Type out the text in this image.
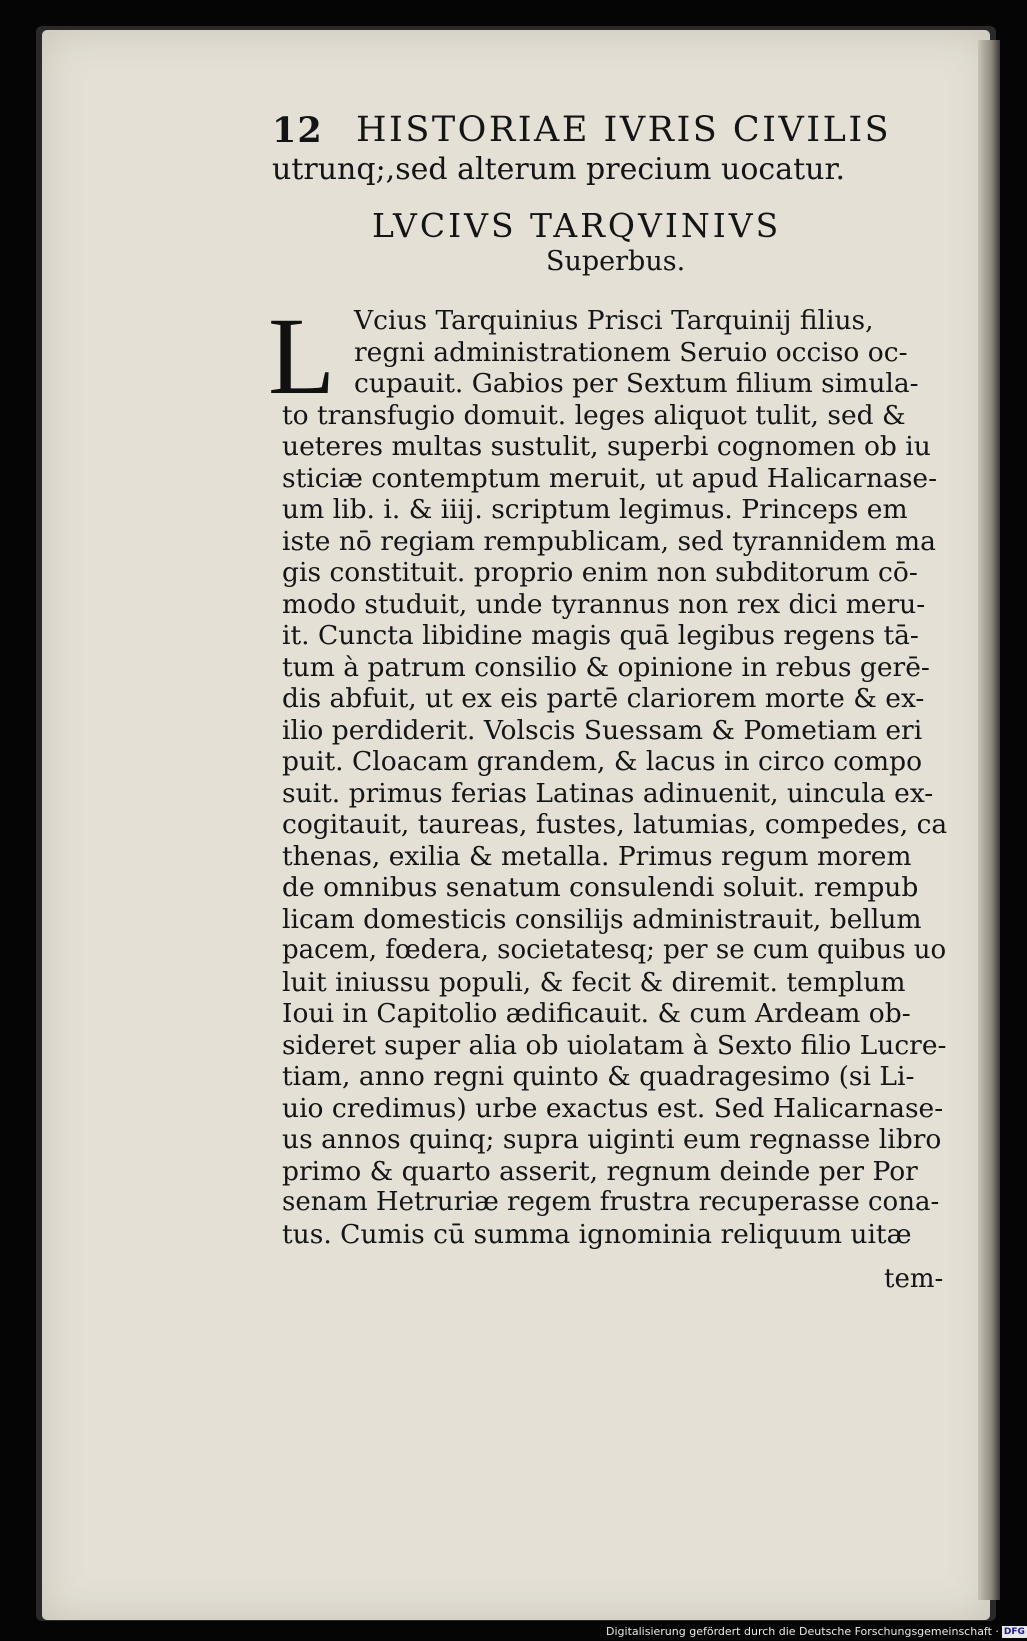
12 HISTORIAE IVRIS CIVILIS
utrunq;,sed alterum precium uocatur.
LVCIVS TARQVINIVS
Superbus.
L Vcius Tarquinius Prisci Tarquinij filius,
regni administrationem Seruio occiso oc-
cupauit. Gabios per Sextum filium simula-
to transfugio domuit. leges aliquot tulit, sed &
ueteres multas sustulit, superbi cognomen ob iu
sticiæ contemptum meruit, ut apud Halicarnase-
um lib. i. & iiij. scriptum legimus. Princeps em
iste nō regiam rempublicam, sed tyrannidem ma
gis constituit. proprio enim non subditorum cō-
modo studuit, unde tyrannus non rex dici meru-
it. Cuncta libidine magis quā legibus regens tā-
tum à patrum consilio & opinione in rebus gerē-
dis abfuit, ut ex eis partē clariorem morte & ex-
ilio perdiderit. Volscis Suessam & Pometiam eri
puit. Cloacam grandem, & lacus in circo compo
suit. primus ferias Latinas adinuenit, uincula ex-
cogitauit, taureas, fustes, latumias, compedes, ca
thenas, exilia & metalla. Primus regum morem
de omnibus senatum consulendi soluit. rempub
licam domesticis consilijs administrauit, bellum
pacem, fœdera, societatesq; per se cum quibus uo
luit iniussu populi, & fecit & diremit. templum
Ioui in Capitolio ædificauit. & cum Ardeam ob-
sideret super alia ob uiolatam à Sexto filio Lucre-
tiam, anno regni quinto & quadragesimo (si Li-
uio credimus) urbe exactus est. Sed Halicarnase-
us annos quinq; supra uiginti eum regnasse libro
primo & quarto asserit, regnum deinde per Por
senam Hetruriæ regem frustra recuperasse cona-
tus. Cumis cū summa ignominia reliquum uitæ
tem-
Digitalisierung gefördert durch die Deutsche Forschungsgemeinschaft · DFG
